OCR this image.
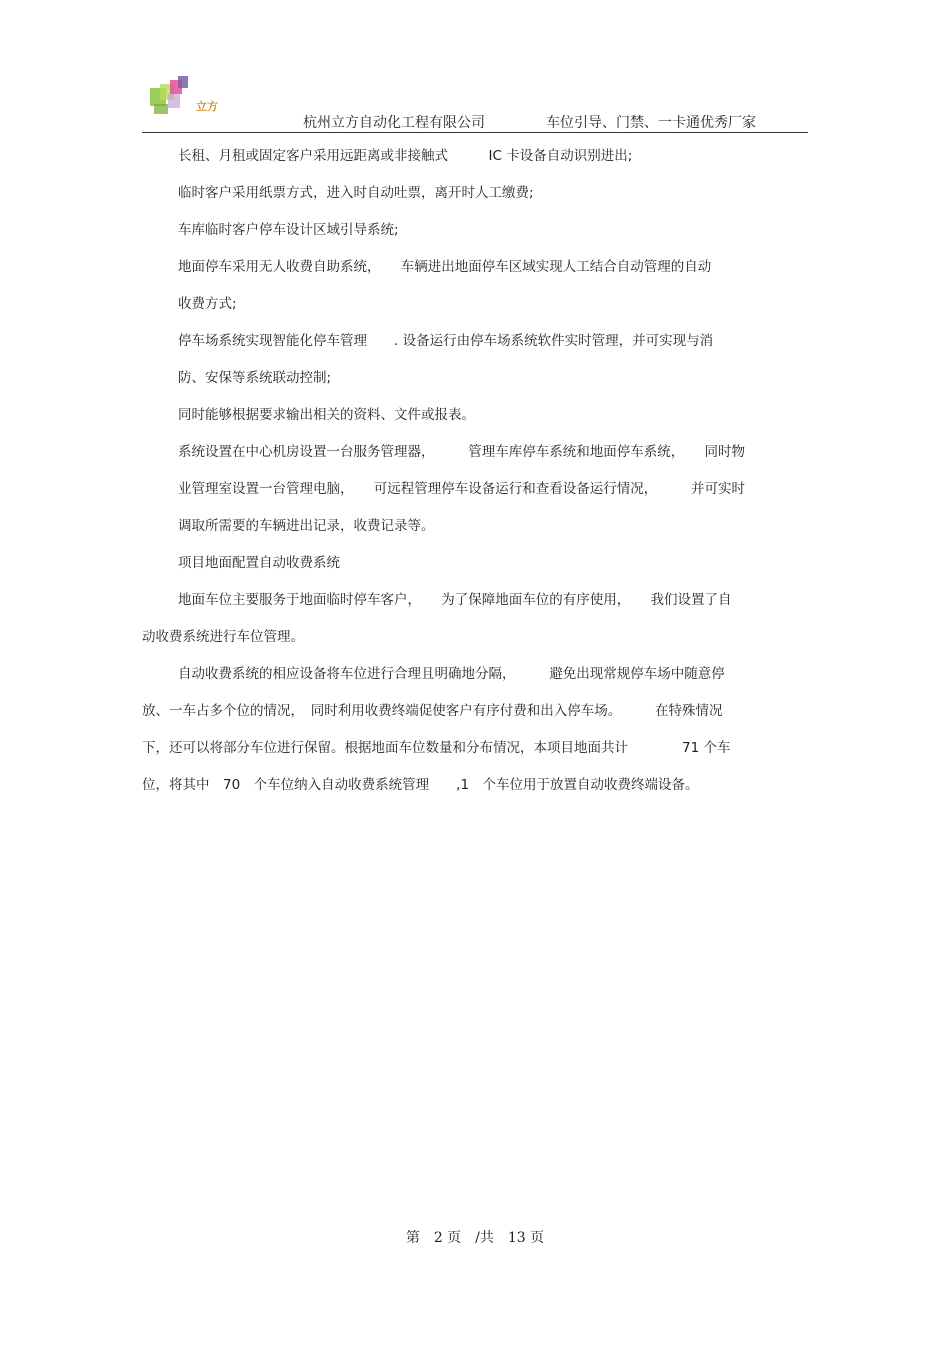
立方
杭州立方自动化工程有限公司	车位引导、门禁、一卡通优秀厂家
长租、月租或固定客户采用远距离或非接触式　　　IC 卡设备自动识别进出;
临时客户采用纸票方式，进入时自动吐票，离开时人工缴费;
车库临时客户停车设计区域引导系统;
地面停车采用无人收费自助系统，　　车辆进出地面停车区域实现人工结合自动管理的自动
收费方式;
停车场系统实现智能化停车管理　　. 设备运行由停车场系统软件实时管理，并可实现与消
防、安保等系统联动控制;
同时能够根据要求输出相关的资料、文件或报表。
系统设置在中心机房设置一台服务管理器，　　　管理车库停车系统和地面停车系统，　　同时物
业管理室设置一台管理电脑，　　可远程管理停车设备运行和查看设备运行情况，　　　并可实时
调取所需要的车辆进出记录，收费记录等。
项目地面配置自动收费系统
地面车位主要服务于地面临时停车客户，　　为了保障地面车位的有序使用，　　我们设置了自
动收费系统进行车位管理。
自动收费系统的相应设备将车位进行合理且明确地分隔，　　　避免出现常规停车场中随意停
放、一车占多个位的情况，　同时利用收费终端促使客户有序付费和出入停车场。　　　在特殊情况
下，还可以将部分车位进行保留。根据地面车位数量和分布情况，本项目地面共计　　　　71 个车
位，将其中　70　个车位纳入自动收费系统管理　　,1　个车位用于放置自动收费终端设备。
第　2 页　/共　13 页
